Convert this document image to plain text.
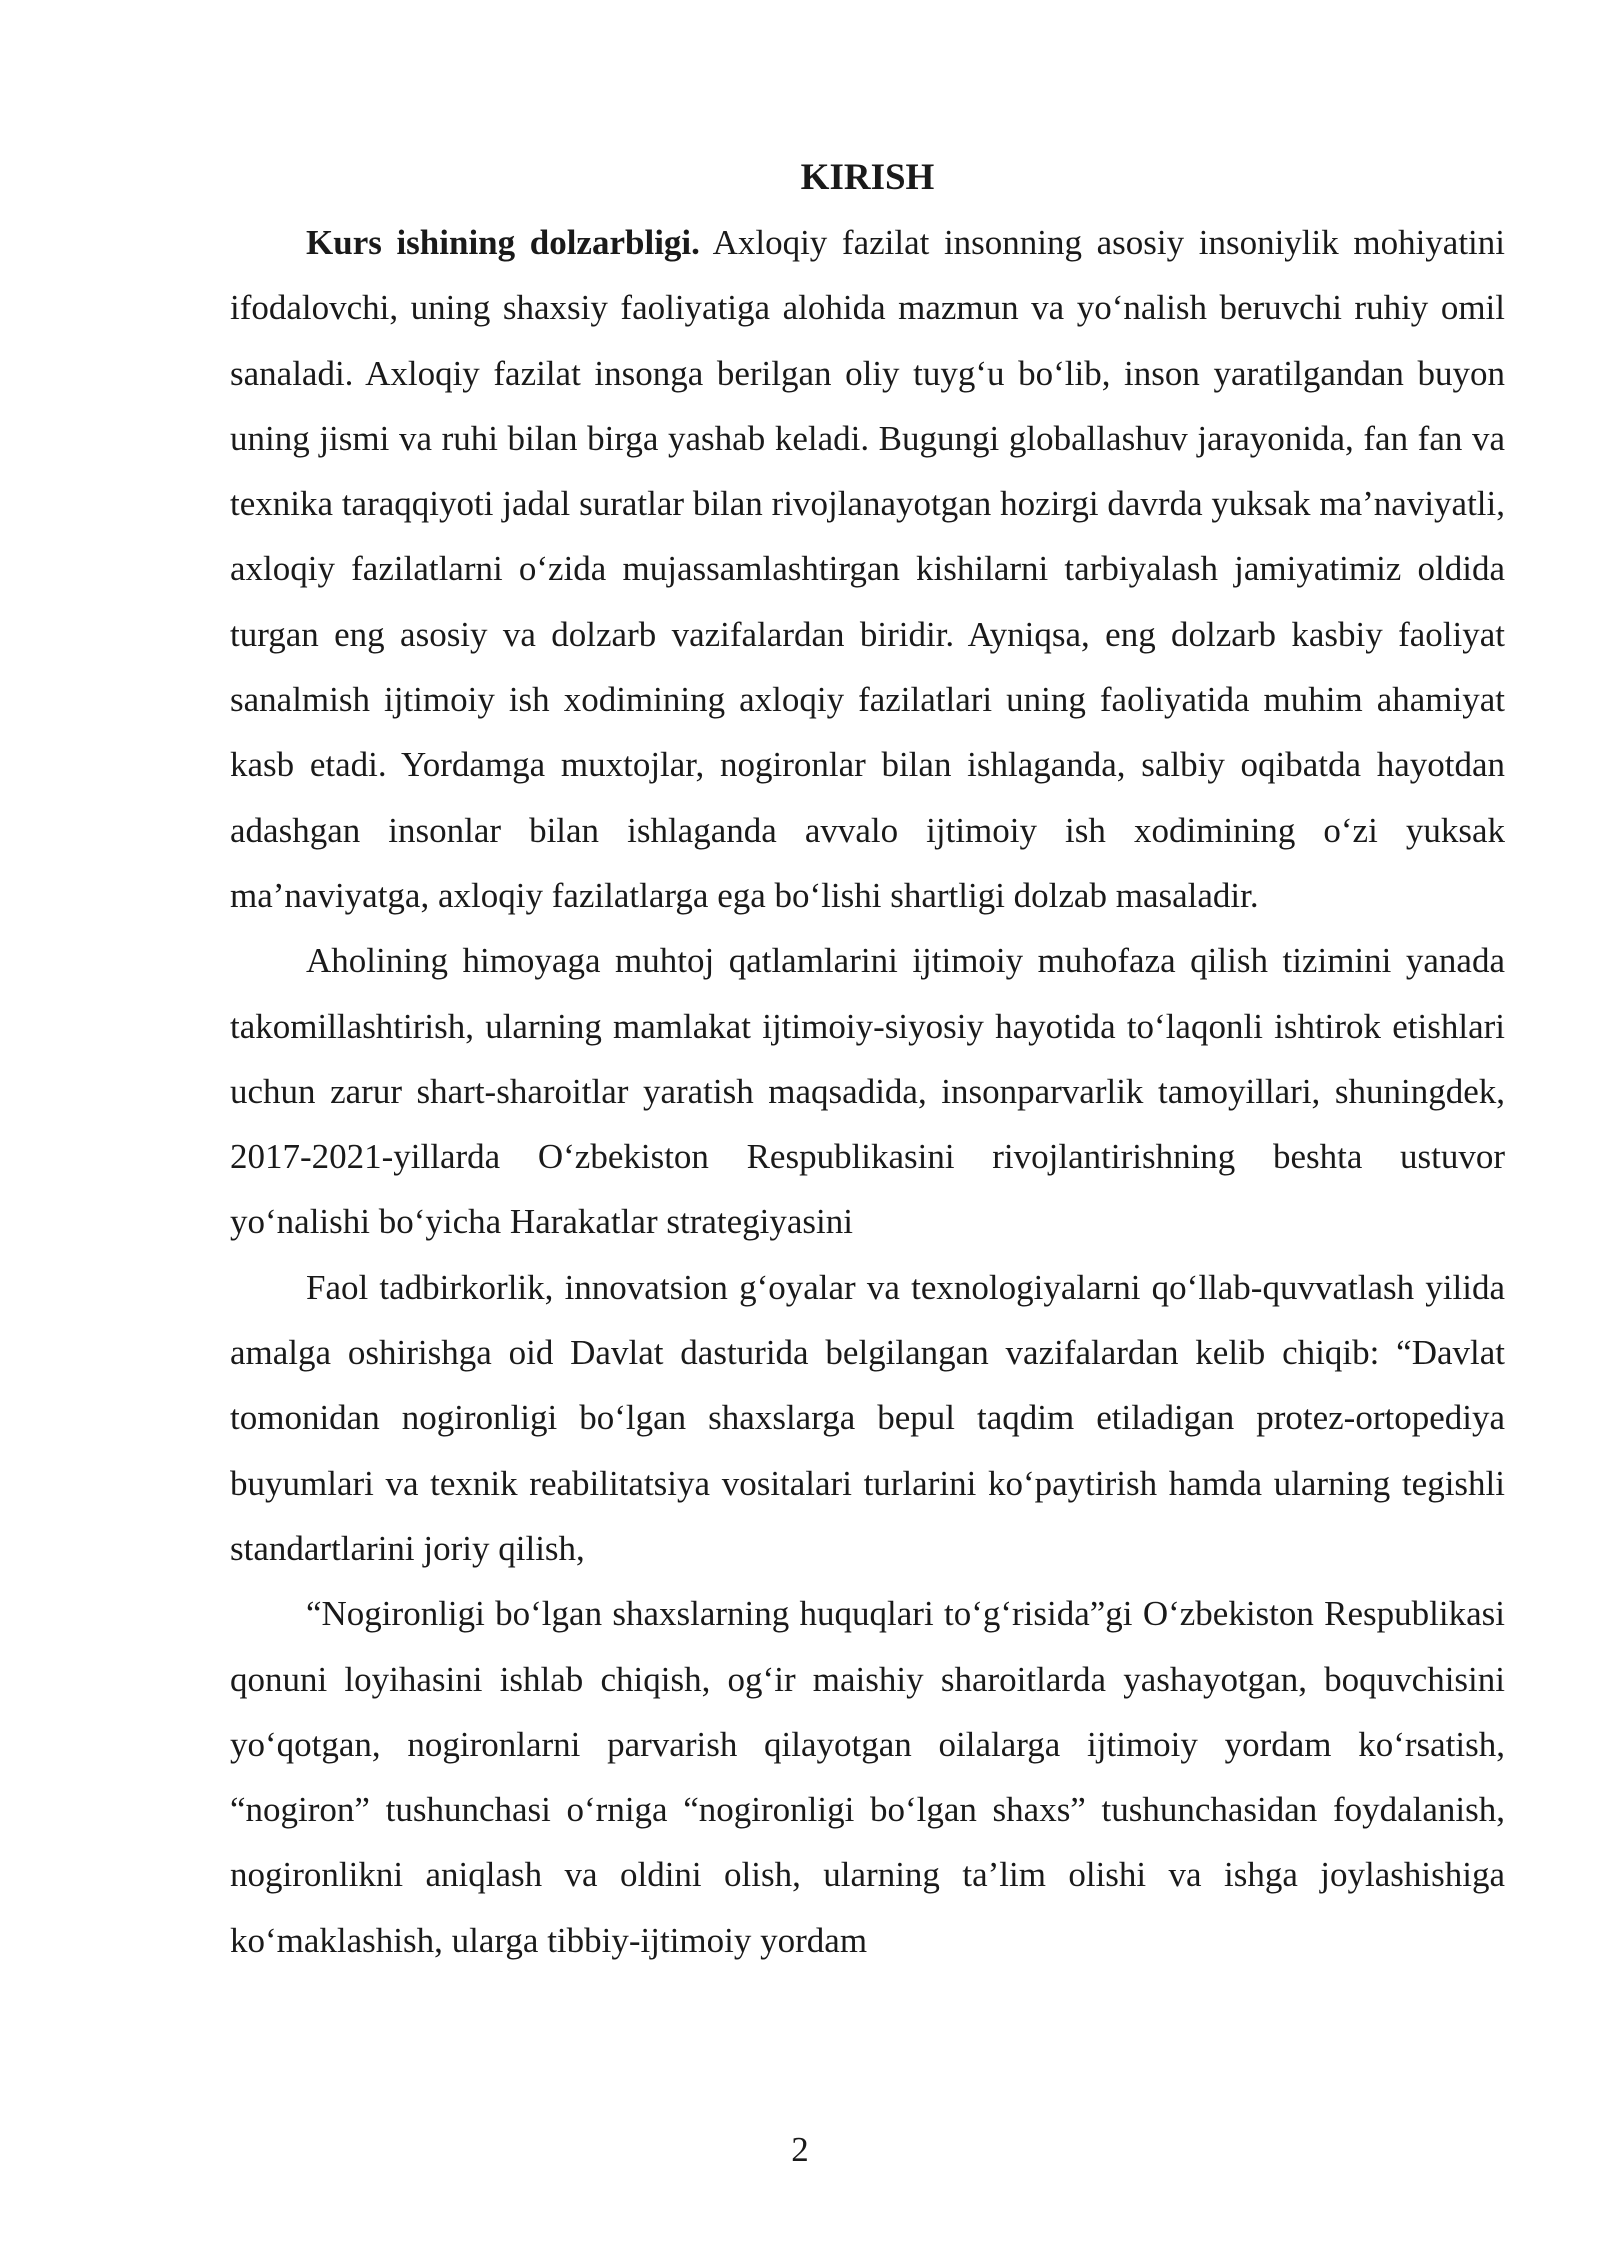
KIRISH

Kurs ishining dolzarbligi. Axloqiy fazilat insonning asosiy insoniylik mohiyatini ifodalovchi, uning shaxsiy faoliyatiga alohida mazmun va yo‘nalish beruvchi ruhiy omil sanaladi. Axloqiy fazilat insonga berilgan oliy tuyg‘u bo‘lib, inson yaratilgandan buyon uning jismi va ruhi bilan birga yashab keladi. Bugungi globallashuv jarayonida, fan fan va texnika taraqqiyoti jadal suratlar bilan rivojlanayotgan hozirgi davrda yuksak ma’naviyatli, axloqiy fazilatlarni o‘zida mujassamlashtirgan kishilarni tarbiyalash jamiyatimiz oldida turgan eng asosiy va dolzarb vazifalardan biridir. Ayniqsa, eng dolzarb kasbiy faoliyat sanalmish ijtimoiy ish xodimining axloqiy fazilatlari uning faoliyatida muhim ahamiyat kasb etadi. Yordamga muxtojlar, nogironlar bilan ishlaganda, salbiy oqibatda hayotdan adashgan insonlar bilan ishlaganda avvalo ijtimoiy ish xodimining o‘zi yuksak ma’naviyatga, axloqiy fazilatlarga ega bo‘lishi shartligi dolzab masaladir.

Aholining himoyaga muhtoj qatlamlarini ijtimoiy muhofaza qilish tizimini yanada takomillashtirish, ularning mamlakat ijtimoiy-siyosiy hayotida to‘laqonli ishtirok etishlari uchun zarur shart-sharoitlar yaratish maqsadida, insonparvarlik tamoyillari, shuningdek, 2017-2021-yillarda O‘zbekiston Respublikasini rivojlantirishning beshta ustuvor yo‘nalishi bo‘yicha Harakatlar strategiyasini

Faol tadbirkorlik, innovatsion g‘oyalar va texnologiyalarni qo‘llab-quvvatlash yilida amalga oshirishga oid Davlat dasturida belgilangan vazifalardan kelib chiqib: “Davlat tomonidan nogironligi bo‘lgan shaxslarga bepul taqdim etiladigan protez-ortopediya buyumlari va texnik reabilitatsiya vositalari turlarini ko‘paytirish hamda ularning tegishli standartlarini joriy qilish,

“Nogironligi bo‘lgan shaxslarning huquqlari to‘g‘risida”gi O‘zbekiston Respublikasi qonuni loyihasini ishlab chiqish, og‘ir maishiy sharoitlarda yashayotgan, boquvchisini yo‘qotgan, nogironlarni parvarish qilayotgan oilalarga ijtimoiy yordam ko‘rsatish, “nogiron” tushunchasi o‘rniga “nogironligi bo‘lgan shaxs” tushunchasidan foydalanish, nogironlikni aniqlash va oldini olish, ularning ta’lim olishi va ishga joylashishiga ko‘maklashish, ularga tibbiy-ijtimoiy yordam

2
